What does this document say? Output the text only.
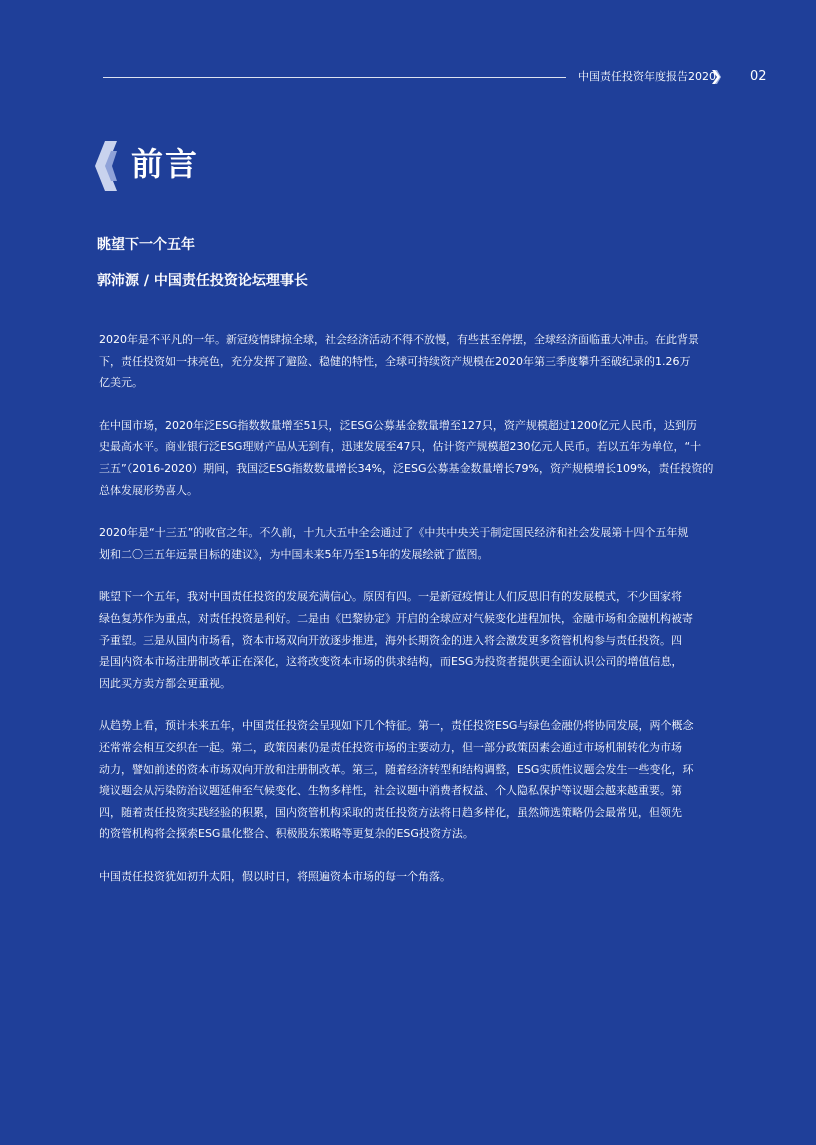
中国责任投资年度报告2020	02
前言
眺望下一个五年
郭沛源 / 中国责任投资论坛理事长

2020年是不平凡的一年。新冠疫情肆掠全球，社会经济活动不得不放慢，有些甚至停摆，全球经济面临重大冲击。在此背景
下，责任投资如一抹亮色，充分发挥了避险、稳健的特性，全球可持续资产规模在2020年第三季度攀升至破纪录的1.26万
亿美元。

在中国市场，2020年泛ESG指数数量增至51只，泛ESG公募基金数量增至127只，资产规模超过1200亿元人民币，达到历
史最高水平。商业银行泛ESG理财产品从无到有，迅速发展至47只，估计资产规模超230亿元人民币。若以五年为单位，“十
三五”（2016-2020）期间，我国泛ESG指数数量增长34%，泛ESG公募基金数量增长79%，资产规模增长109%，责任投资的
总体发展形势喜人。

2020年是“十三五”的收官之年。不久前，十九大五中全会通过了《中共中央关于制定国民经济和社会发展第十四个五年规
划和二〇三五年远景目标的建议》，为中国未来5年乃至15年的发展绘就了蓝图。

眺望下一个五年，我对中国责任投资的发展充满信心。原因有四。一是新冠疫情让人们反思旧有的发展模式，不少国家将
绿色复苏作为重点，对责任投资是利好。二是由《巴黎协定》开启的全球应对气候变化进程加快，金融市场和金融机构被寄
予重望。三是从国内市场看，资本市场双向开放逐步推进，海外长期资金的进入将会激发更多资管机构参与责任投资。四
是国内资本市场注册制改革正在深化，这将改变资本市场的供求结构，而ESG为投资者提供更全面认识公司的增值信息，
因此买方卖方都会更重视。

从趋势上看，预计未来五年，中国责任投资会呈现如下几个特征。第一，责任投资ESG与绿色金融仍将协同发展，两个概念
还常常会相互交织在一起。第二，政策因素仍是责任投资市场的主要动力，但一部分政策因素会通过市场机制转化为市场
动力，譬如前述的资本市场双向开放和注册制改革。第三，随着经济转型和结构调整，ESG实质性议题会发生一些变化，环
境议题会从污染防治议题延伸至气候变化、生物多样性，社会议题中消费者权益、个人隐私保护等议题会越来越重要。第
四，随着责任投资实践经验的积累，国内资管机构采取的责任投资方法将日趋多样化，虽然筛选策略仍会最常见，但领先
的资管机构将会探索ESG量化整合、积极股东策略等更复杂的ESG投资方法。

中国责任投资犹如初升太阳，假以时日，将照遍资本市场的每一个角落。
